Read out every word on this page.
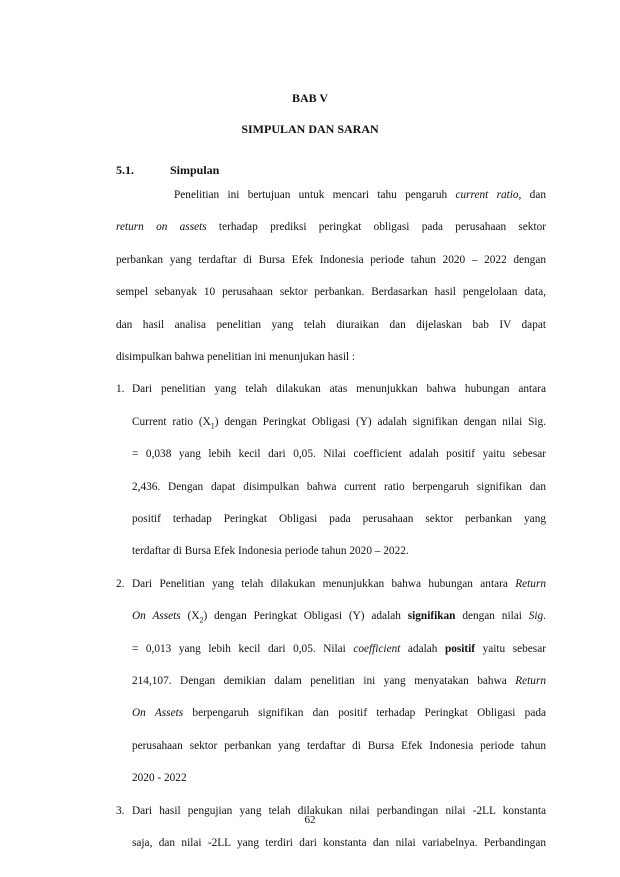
BAB V
SIMPULAN DAN SARAN
5.1.	Simpulan
Penelitian ini bertujuan untuk mencari tahu pengaruh current ratio, dan
return on assets terhadap prediksi peringkat obligasi pada perusahaan sektor
perbankan yang terdaftar di Bursa Efek Indonesia periode tahun 2020 – 2022 dengan
sempel sebanyak 10 perusahaan sektor perbankan. Berdasarkan hasil pengelolaan data,
dan hasil analisa penelitian yang telah diuraikan dan dijelaskan bab IV dapat
disimpulkan bahwa penelitian ini menunjukan hasil :
1. Dari penelitian yang telah dilakukan atas menunjukkan bahwa hubungan antara
Current ratio $(X_1)$ dengan Peringkat Obligasi (Y) adalah signifikan dengan nilai Sig.
= 0,038 yang lebih kecil dari 0,05. Nilai coefficient adalah positif yaitu sebesar
2,436. Dengan dapat disimpulkan bahwa current ratio berpengaruh signifikan dan
positif terhadap Peringkat Obligasi pada perusahaan sektor perbankan yang
terdaftar di Bursa Efek Indonesia periode tahun 2020 – 2022.
2. Dari Penelitian yang telah dilakukan menunjukkan bahwa hubungan antara Return
On Assets $(X_2)$ dengan Peringkat Obligasi (Y) adalah signifikan dengan nilai Sig.
= 0,013 yang lebih kecil dari 0,05. Nilai coefficient adalah positif yaitu sebesar
214,107. Dengan demikian dalam penelitian ini yang menyatakan bahwa Return
On Assets berpengaruh signifikan dan positif terhadap Peringkat Obligasi pada
perusahaan sektor perbankan yang terdaftar di Bursa Efek Indonesia periode tahun
2020 - 2022
3. Dari hasil pengujian yang telah dilakukan nilai perbandingan nilai -2LL konstanta
saja, dan nilai -2LL yang terdiri dari konstanta dan nilai variabelnya. Perbandingan
62
